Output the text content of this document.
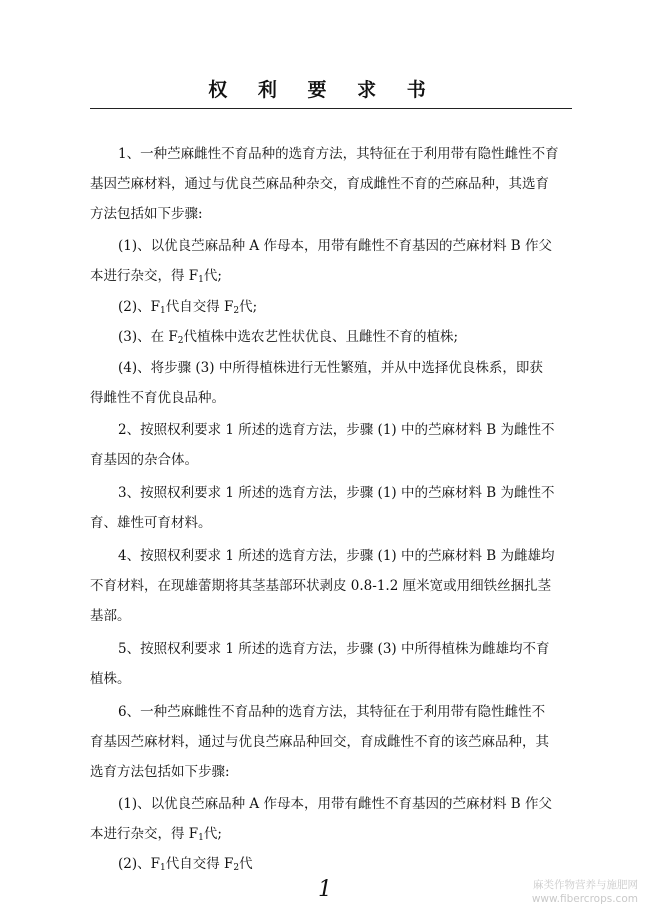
权 利 要 求 书
1、一种苎麻雌性不育品种的选育方法，其特征在于利用带有隐性雌性不育
基因苎麻材料，通过与优良苎麻品种杂交，育成雌性不育的苎麻品种，其选育
方法包括如下步骤:
(1)、以优良苎麻品种 A 作母本，用带有雌性不育基因的苎麻材料 B 作父
本进行杂交，得 $F_1$代;
(2)、$F_1$代自交得 $F_2$代;
(3)、在 $F_2$代植株中选农艺性状优良、且雌性不育的植株;
(4)、将步骤 (3) 中所得植株进行无性繁殖，并从中选择优良株系，即获
得雌性不育优良品种。
2、按照权利要求 1 所述的选育方法，步骤 (1) 中的苎麻材料 B 为雌性不
育基因的杂合体。
3、按照权利要求 1 所述的选育方法，步骤 (1) 中的苎麻材料 B 为雌性不
育、雄性可育材料。
4、按照权利要求 1 所述的选育方法，步骤 (1) 中的苎麻材料 B 为雌雄均
不育材料，在现雄蕾期将其茎基部环状剥皮 0.8-1.2 厘米宽或用细铁丝捆扎茎
基部。
5、按照权利要求 1 所述的选育方法，步骤 (3) 中所得植株为雌雄均不育
植株。
6、一种苎麻雌性不育品种的选育方法，其特征在于利用带有隐性雌性不
育基因苎麻材料，通过与优良苎麻品种回交，育成雌性不育的该苎麻品种，其
选育方法包括如下步骤:
(1)、以优良苎麻品种 A 作母本，用带有雌性不育基因的苎麻材料 B 作父
本进行杂交，得 $F_1$代;
(2)、$F_1$代自交得 $F_2$代
1	麻类作物营养与施肥网
www.fibercrops.com
